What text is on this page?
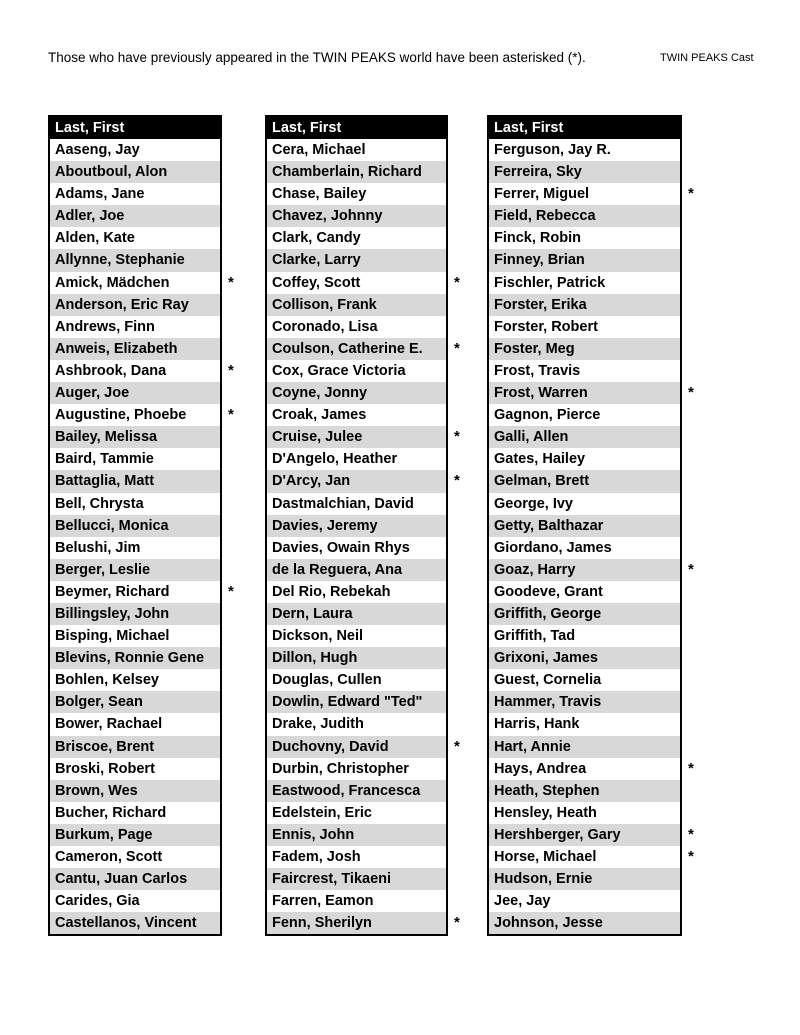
Those who have previously appeared in the TWIN PEAKS world have been asterisked (*).	TWIN PEAKS Cast
Last, First
Aaseng, Jay
Aboutboul, Alon
Adams, Jane
Adler, Joe
Alden, Kate
Allynne, Stephanie
Amick, Mädchen	*
Anderson, Eric Ray
Andrews, Finn
Anweis, Elizabeth
Ashbrook, Dana	*
Auger, Joe
Augustine, Phoebe	*
Bailey, Melissa
Baird, Tammie
Battaglia, Matt
Bell, Chrysta
Bellucci, Monica
Belushi, Jim
Berger, Leslie
Beymer, Richard	*
Billingsley, John
Bisping, Michael
Blevins, Ronnie Gene
Bohlen, Kelsey
Bolger, Sean
Bower, Rachael
Briscoe, Brent
Broski, Robert
Brown, Wes
Bucher, Richard
Burkum, Page
Cameron, Scott
Cantu, Juan Carlos
Carides, Gia
Castellanos, Vincent
Last, First
Cera, Michael
Chamberlain, Richard
Chase, Bailey
Chavez, Johnny
Clark, Candy
Clarke, Larry
Coffey, Scott	*
Collison, Frank
Coronado, Lisa
Coulson, Catherine E. *
Cox, Grace Victoria
Coyne, Jonny
Croak, James
Cruise, Julee	*
D'Angelo, Heather
D'Arcy, Jan	*
Dastmalchian, David
Davies, Jeremy
Davies, Owain Rhys
de la Reguera, Ana
Del Rio, Rebekah
Dern, Laura
Dickson, Neil
Dillon, Hugh
Douglas, Cullen
Dowlin, Edward "Ted"
Drake, Judith
Duchovny, David	*
Durbin, Christopher
Eastwood, Francesca
Edelstein, Eric
Ennis, John
Fadem, Josh
Faircrest, Tikaeni
Farren, Eamon
Fenn, Sherilyn	*
Last, First
Ferguson, Jay R.
Ferreira, Sky
Ferrer, Miguel	*
Field, Rebecca
Finck, Robin
Finney, Brian
Fischler, Patrick
Forster, Erika
Forster, Robert
Foster, Meg
Frost, Travis
Frost, Warren	*
Gagnon, Pierce
Galli, Allen
Gates, Hailey
Gelman, Brett
George, Ivy
Getty, Balthazar
Giordano, James
Goaz, Harry	*
Goodeve, Grant
Griffith, George
Griffith, Tad
Grixoni, James
Guest, Cornelia
Hammer, Travis
Harris, Hank
Hart, Annie
Hays, Andrea	*
Heath, Stephen
Hensley, Heath
Hershberger, Gary	*
Horse, Michael	*
Hudson, Ernie
Jee, Jay
Johnson, Jesse
